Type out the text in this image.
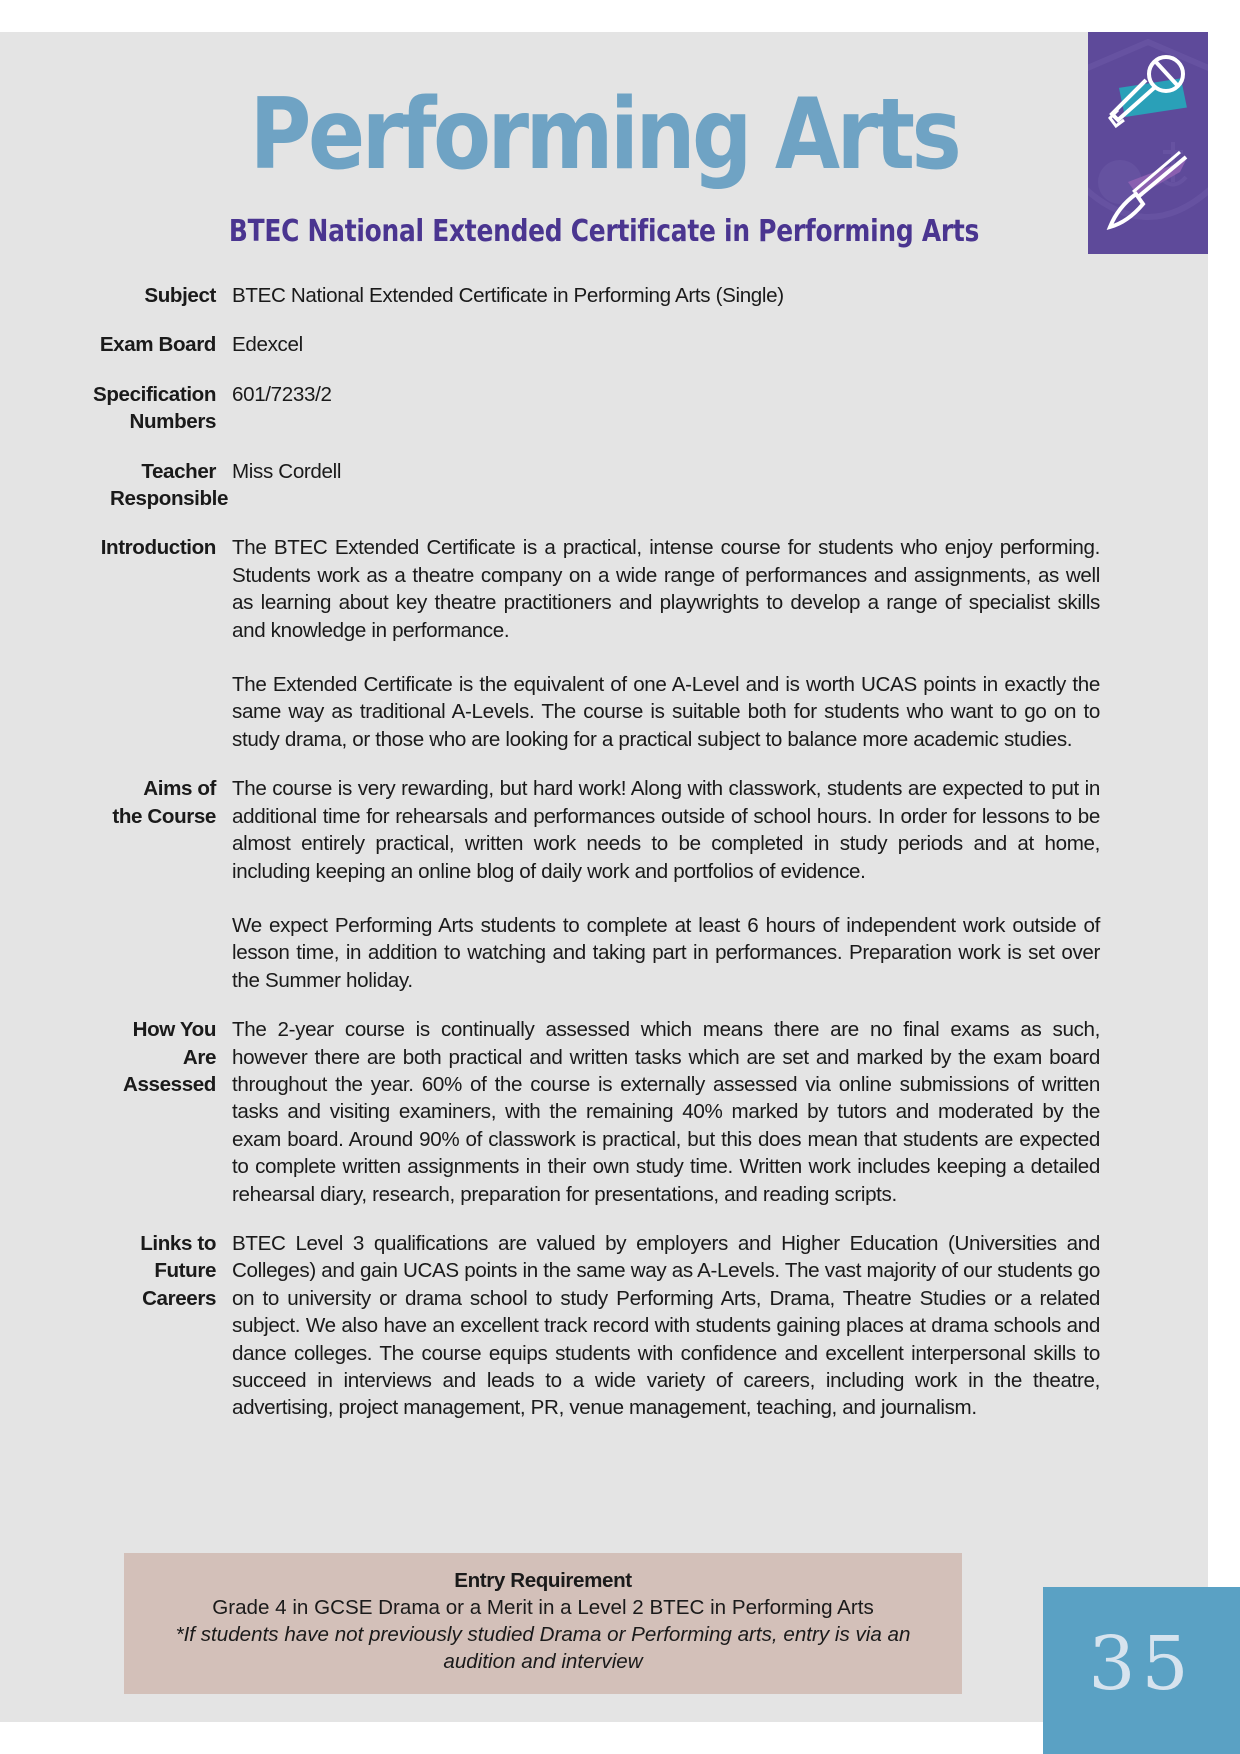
Performing Arts
BTEC National Extended Certificate in Performing Arts
Subject BTEC National Extended Certificate in Performing Arts (Single)

Exam Board Edexcel

Specification Numbers

601/7233/2

Teacher Responsible

Miss Cordell

Introduction The BTEC Extended Certificate is a practical, intense course for students who enjoy performing. Students work as a theatre company on a wide range of performances and assignments, as well as learning about key theatre practitioners and playwrights to develop a range of specialist skills and knowledge in performance.

The Extended Certificate is the equivalent of one A-Level and is worth UCAS points in exactly the same way as traditional A-Levels. The course is suitable both for students who want to go on to study drama, or those who are looking for a practical subject to balance more academic studies.

Aims of the Course

The course is very rewarding, but hard work! Along with classwork, students are expected to put in additional time for rehearsals and performances outside of school hours. In order for lessons to be almost entirely practical, written work needs to be completed in study periods and at home, including keeping an online blog of daily work and portfolios of evidence.

We expect Performing Arts students to complete at least 6 hours of independent work outside of lesson time, in addition to watching and taking part in performances. Preparation work is set over the Summer holiday.

How You Are Assessed

The 2-year course is continually assessed which means there are no final exams as such, however there are both practical and written tasks which are set and marked by the exam board throughout the year. 60% of the course is externally assessed via online submissions of written tasks and visiting examiners, with the remaining 40% marked by tutors and moderated by the exam board. Around 90% of classwork is practical, but this does mean that students are expected to complete written assignments in their own study time. Written work includes keeping a detailed rehearsal diary, research, preparation for presentations, and reading scripts.

Links to Future Careers

BTEC Level 3 qualifications are valued by employers and Higher Education (Universities and Colleges) and gain UCAS points in the same way as A-Levels. The vast majority of our students go on to university or drama school to study Performing Arts, Drama, Theatre Studies or a related subject. We also have an excellent track record with students gaining places at drama schools and dance colleges. The course equips students with confidence and excellent interpersonal skills to succeed in interviews and leads to a wide variety of careers, including work in the theatre, advertising, project management, PR, venue management, teaching, and journalism.

Entry Requirement
Grade 4 in GCSE Drama or a Merit in a Level 2 BTEC in Performing Arts
*If students have not previously studied Drama or Performing arts, entry is via an audition and interview	35
